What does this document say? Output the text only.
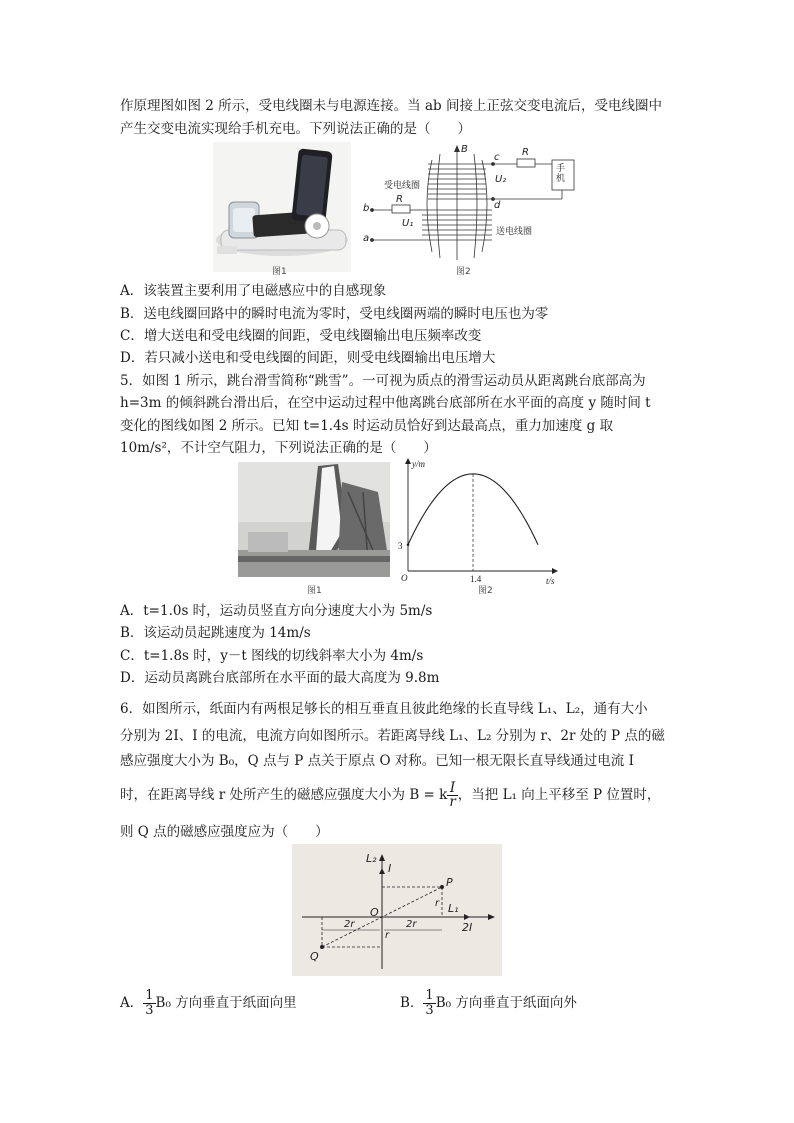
作原理图如图 2 所示，受电线圈未与电源连接。当 ab 间接上正弦交变电流后，受电线圈中
产生交变电流实现给手机充电。下列说法正确的是（　　）
图1
B
c R
U₂
d
手机
受电线圈
送电线圈
b
R
U₁
a
图2
A．该装置主要利用了电磁感应中的自感现象
B．送电线圈回路中的瞬时电流为零时，受电线圈两端的瞬时电压也为零
C．增大送电和受电线圈的间距，受电线圈输出电压频率改变
D．若只减小送电和受电线圈的间距，则受电线圈输出电压增大
5．如图 1 所示，跳台滑雪简称“跳雪”。一可视为质点的滑雪运动员从距离跳台底部高为
h=3m 的倾斜跳台滑出后，在空中运动过程中他离跳台底部所在水平面的高度 y 随时间 t
变化的图线如图 2 所示。已知 t=1.4s 时运动员恰好到达最高点，重力加速度 g 取
10m/s²，不计空气阻力，下列说法正确的是（　　）
图1
y/m
t/s
O
3
1.4
图2
A．t=1.0s 时，运动员竖直方向分速度大小为 5m/s
B．该运动员起跳速度为 14m/s
C．t=1.8s 时，y－t 图线的切线斜率大小为 4m/s
D．运动员离跳台底部所在水平面的最大高度为 9.8m
6．如图所示，纸面内有两根足够长的相互垂直且彼此绝缘的长直导线 L₁、L₂，通有大小
分别为 2I、I 的电流，电流方向如图所示。若距离导线 L₁、L₂ 分别为 r、2r 处的 P 点的磁
感应强度大小为 B₀，Q 点与 P 点关于原点 O 对称。已知一根无限长直导线通过电流 I
时，在距离导线 r 处所产生的磁感应强度大小为 B = k $\frac{I}{r}$ ，当把 L₁ 向上平移至 P 位置时，
则 Q 点的磁感应强度应为（　　）
L₂
I
P
r L₁
O
2r	2r	2I
r
Q
A． $\frac{1}{3} B_0$ 方向垂直于纸面向里	B． $\frac{1}{3} B_0$ 方向垂直于纸面向外
